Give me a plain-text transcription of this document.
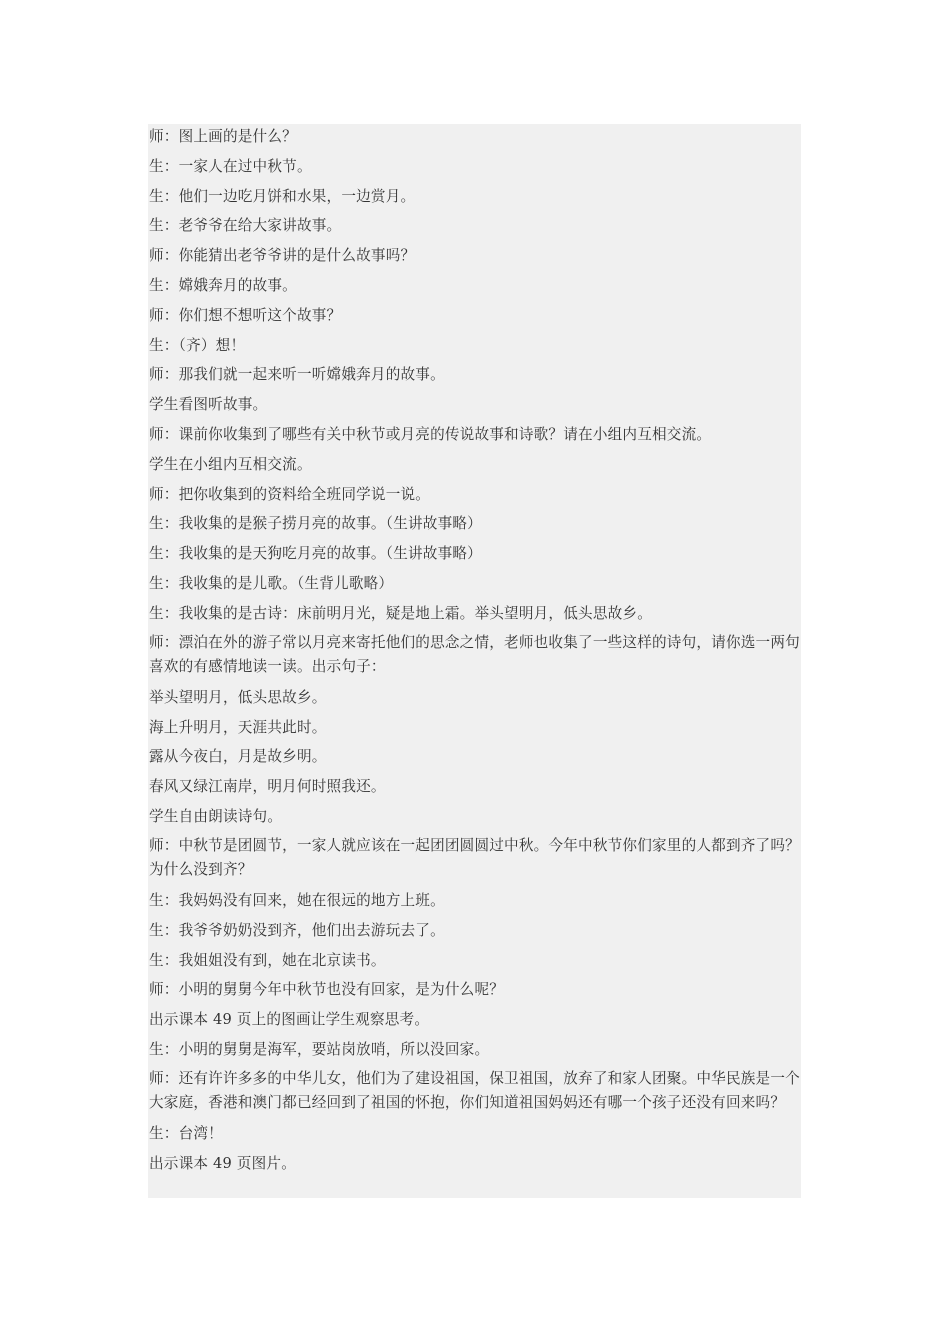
师：图上画的是什么？
生：一家人在过中秋节。
生：他们一边吃月饼和水果，一边赏月。
生：老爷爷在给大家讲故事。
师：你能猜出老爷爷讲的是什么故事吗？
生：嫦娥奔月的故事。
师：你们想不想听这个故事？
生：（齐）想！
师：那我们就一起来听一听嫦娥奔月的故事。
学生看图听故事。
师：课前你收集到了哪些有关中秋节或月亮的传说故事和诗歌？请在小组内互相交流。
学生在小组内互相交流。
师：把你收集到的资料给全班同学说一说。
生：我收集的是猴子捞月亮的故事。（生讲故事略）
生：我收集的是天狗吃月亮的故事。（生讲故事略）
生：我收集的是儿歌。（生背儿歌略）
生：我收集的是古诗：床前明月光，疑是地上霜。举头望明月，低头思故乡。
师：漂泊在外的游子常以月亮来寄托他们的思念之情，老师也收集了一些这样的诗句，请你选一两句喜欢的有感情地读一读。出示句子：
举头望明月，低头思故乡。
海上升明月，天涯共此时。
露从今夜白，月是故乡明。
春风又绿江南岸，明月何时照我还。
学生自由朗读诗句。
师：中秋节是团圆节，一家人就应该在一起团团圆圆过中秋。今年中秋节你们家里的人都到齐了吗？为什么没到齐？
生：我妈妈没有回来，她在很远的地方上班。
生：我爷爷奶奶没到齐，他们出去游玩去了。
生：我姐姐没有到，她在北京读书。
师：小明的舅舅今年中秋节也没有回家，是为什么呢？
出示课本 49 页上的图画让学生观察思考。
生：小明的舅舅是海军，要站岗放哨，所以没回家。
师：还有许许多多的中华儿女，他们为了建设祖国，保卫祖国，放弃了和家人团聚。中华民族是一个大家庭，香港和澳门都已经回到了祖国的怀抱，你们知道祖国妈妈还有哪一个孩子还没有回来吗？
生：台湾！
出示课本 49 页图片。
